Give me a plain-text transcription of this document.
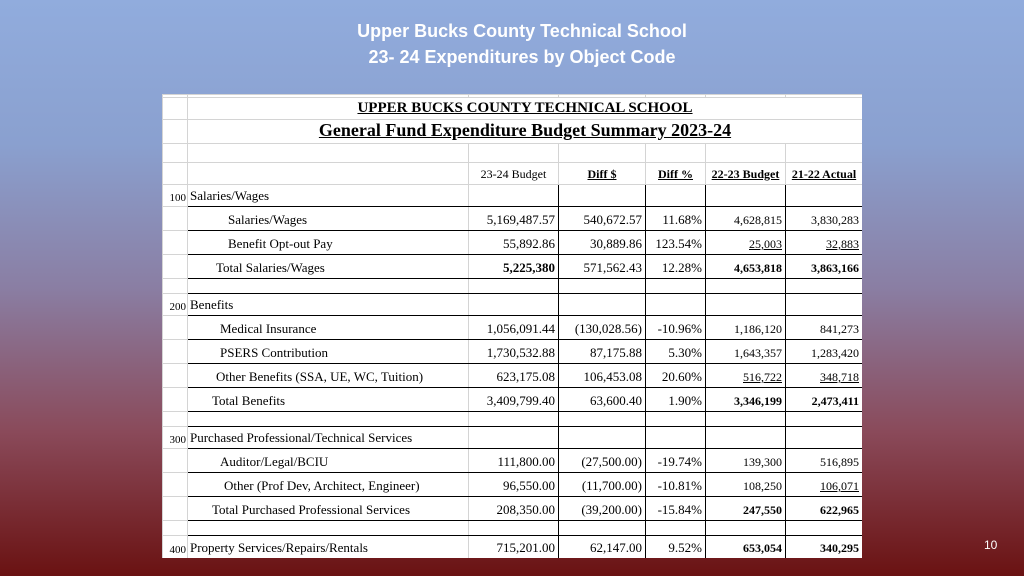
Upper Bucks County Technical School
23- 24 Expenditures by Object Code
10

	UPPER BUCKS COUNTY TECHNICAL SCHOOL					
	General Fund Expenditure Budget Summary 2023-24					

		23-24 Budget	Diff $	Diff %	22-23 Budget	21-22 Actual
100	Salaries/Wages					
	Salaries/Wages	5,169,487.57	540,672.57	11.68%	4,628,815	3,830,283
	Benefit Opt-out Pay	55,892.86	30,889.86	123.54%	25,003	32,883
	Total Salaries/Wages	5,225,380	571,562.43	12.28%	4,653,818	3,863,166

200	Benefits					
	Medical Insurance	1,056,091.44	(130,028.56)	-10.96%	1,186,120	841,273
	PSERS Contribution	1,730,532.88	87,175.88	5.30%	1,643,357	1,283,420
	Other Benefits (SSA, UE, WC, Tuition)	623,175.08	106,453.08	20.60%	516,722	348,718
	Total Benefits	3,409,799.40	63,600.40	1.90%	3,346,199	2,473,411

300	Purchased Professional/Technical Services					
	Auditor/Legal/BCIU	111,800.00	(27,500.00)	-19.74%	139,300	516,895
	Other (Prof Dev, Architect, Engineer)	96,550.00	(11,700.00)	-10.81%	108,250	106,071
	Total Purchased Professional Services	208,350.00	(39,200.00)	-15.84%	247,550	622,965

400	Property Services/Repairs/Rentals	715,201.00	62,147.00	9.52%	653,054	340,295
